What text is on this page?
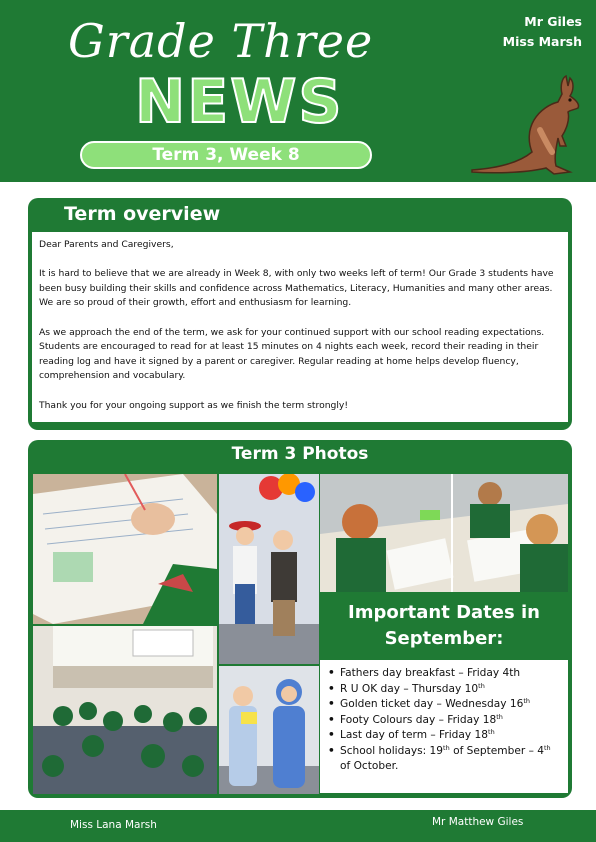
Grade Three
NEWS
Term 3, Week 8
Mr Giles
Miss Marsh
Term overview

Dear Parents and Caregivers,

It is hard to believe that we are already in Week 8, with only two weeks left of term! Our Grade 3 students have been busy building their skills and confidence across Mathematics, Literacy, Humanities and many other areas. We are so proud of their growth, effort and enthusiasm for learning.

As we approach the end of the term, we ask for your continued support with our school reading expectations. Students are encouraged to read for at least 15 minutes on 4 nights each week, record their reading in their reading log and have it signed by a parent or caregiver. Regular reading at home helps develop fluency, comprehension and vocabulary.

Thank you for your ongoing support as we finish the term strongly!

Term 3 Photos
Important Dates in September:
• Fathers day breakfast – Friday 4th
• R U OK day – Thursday 10th
• Golden ticket day – Wednesday 16th
• Footy Colours day – Friday 18th
• Last day of term – Friday 18th
• School holidays: 19th of September – 4th of October.
Miss Lana Marsh	Mr Matthew Giles
